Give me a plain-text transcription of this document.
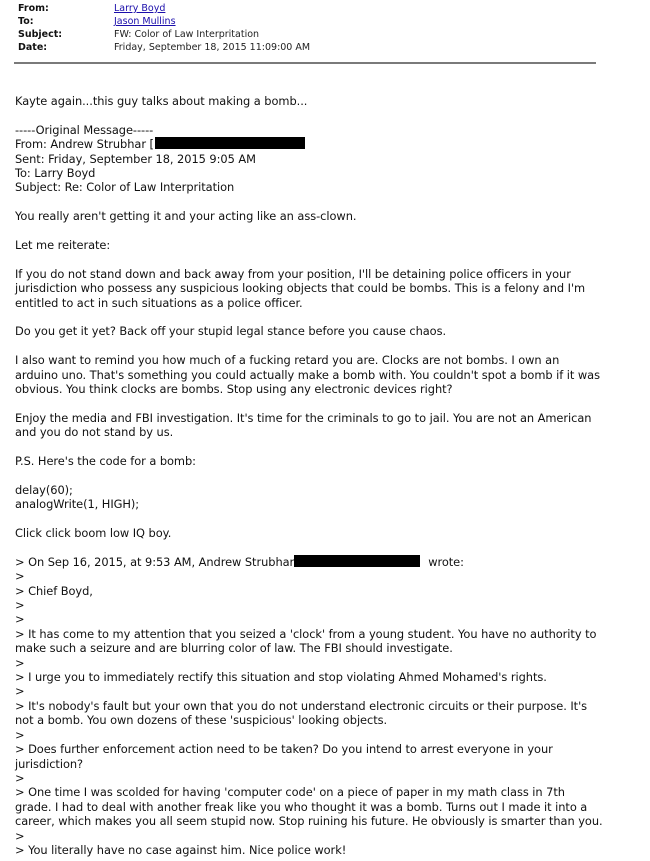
From:	Larry Boyd
To:	Jason Mullins
Subject:	FW: Color of Law Interpritation
Date:	Friday, September 18, 2015 11:09:00 AM

Kayte again...this guy talks about making a bomb...

-----Original Message-----

From: Andrew Strubhar [

Sent: Friday, September 18, 2015 9:05 AM

To: Larry Boyd

Subject: Re: Color of Law Interpritation

You really aren't getting it and your acting like an ass-clown.

Let me reiterate:

If you do not stand down and back away from your position, I'll be detaining police officers in your

jurisdiction who possess any suspicious looking objects that could be bombs. This is a felony and I'm

entitled to act in such situations as a police officer.

Do you get it yet? Back off your stupid legal stance before you cause chaos.

I also want to remind you how much of a fucking retard you are. Clocks are not bombs. I own an

arduino uno. That's something you could actually make a bomb with. You couldn't spot a bomb if it was

obvious. You think clocks are bombs. Stop using any electronic devices right?

Enjoy the media and FBI investigation. It's time for the criminals to go to jail. You are not an American

and you do not stand by us.

P.S. Here's the code for a bomb:

delay(60);

analogWrite(1, HIGH);

Click click boom low IQ boy.

> On Sep 16, 2015, at 9:53 AM, Andrew Strubhar	wrote:

>

> Chief Boyd,

>

>

> It has come to my attention that you seized a 'clock' from a young student. You have no authority to

make such a seizure and are blurring color of law. The FBI should investigate.

>

> I urge you to immediately rectify this situation and stop violating Ahmed Mohamed's rights.

>

> It's nobody's fault but your own that you do not understand electronic circuits or their purpose. It's

not a bomb. You own dozens of these 'suspicious' looking objects.

>

> Does further enforcement action need to be taken? Do you intend to arrest everyone in your

jurisdiction?

>

> One time I was scolded for having 'computer code' on a piece of paper in my math class in 7th

grade. I had to deal with another freak like you who thought it was a bomb. Turns out I made it into a

career, which makes you all seem stupid now. Stop ruining his future. He obviously is smarter than you.

>

> You literally have no case against him. Nice police work!
